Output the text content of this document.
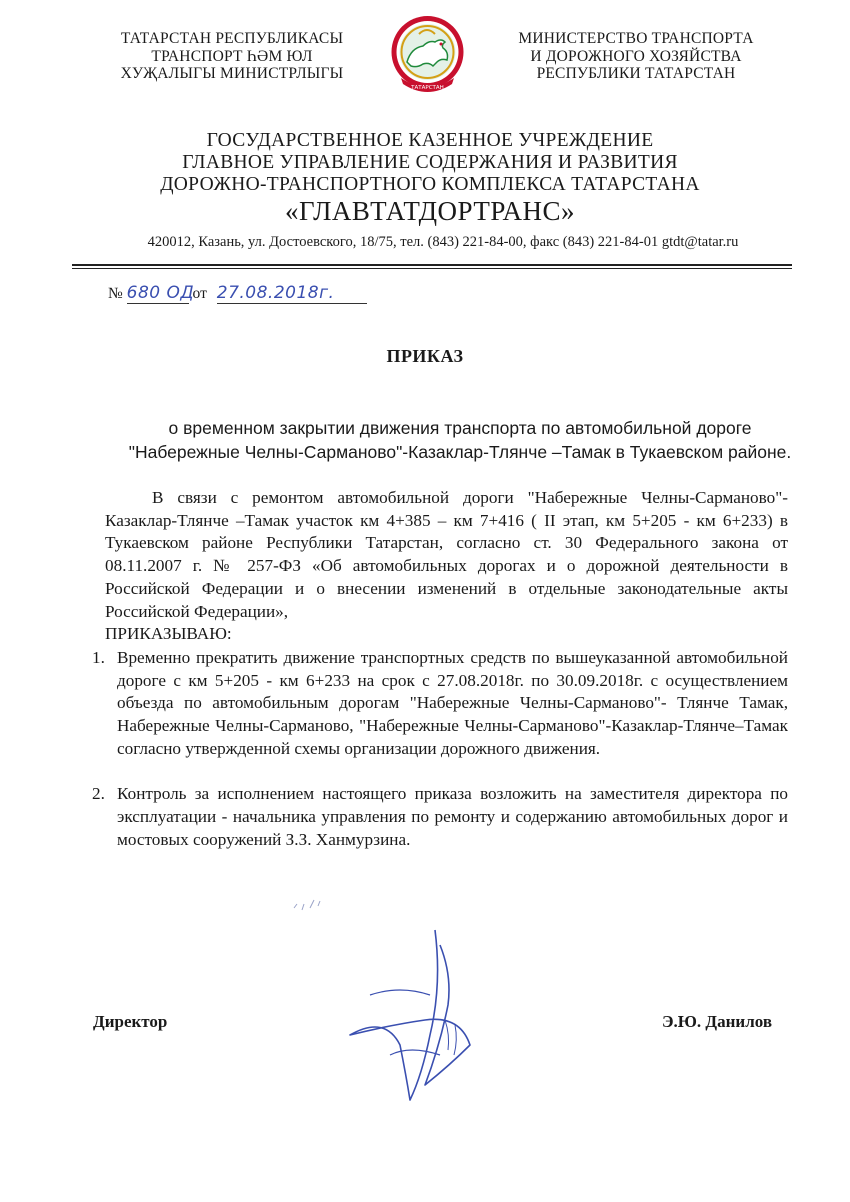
ТАТАРСТАН РЕСПУБЛИКАСЫ
ТРАНСПОРТ ҺӘМ ЮЛ
ХУҖАЛЫГЫ МИНИСТРЛЫГЫ
ТАТАРСТАН
МИНИСТЕРСТВО ТРАНСПОРТА
И ДОРОЖНОГО ХОЗЯЙСТВА
РЕСПУБЛИКИ ТАТАРСТАН
ГОСУДАРСТВЕННОЕ КАЗЕННОЕ УЧРЕЖДЕНИЕ
ГЛАВНОЕ УПРАВЛЕНИЕ СОДЕРЖАНИЯ И РАЗВИТИЯ
ДОРОЖНО-ТРАНСПОРТНОГО КОМПЛЕКСА ТАТАРСТАНА
«ГЛАВТАТДОРТРАНС»
420012, Казань, ул. Достоевского, 18/75, тел. (843) 221-84-00, факс (843) 221-84-01 gtdt@tatar.ru
№ 680 ОД от 27.08.2018г.
ПРИКАЗ
о временном закрытии движения транспорта по автомобильной дороге
"Набережные Челны-Сарманово"-Казаклар-Тлянче –Тамак в Тукаевском районе.
В связи с ремонтом автомобильной дороги "Набережные Челны-Сарманово"-Казаклар-Тлянче –Тамак участок км 4+385 – км 7+416 ( II этап, км 5+205 - км 6+233) в Тукаевском районе Республики Татарстан, согласно ст. 30 Федерального закона от 08.11.2007 г. № 257-ФЗ «Об автомобильных дорогах и о дорожной деятельности в Российской Федерации и о внесении изменений в отдельные законодательные акты Российской Федерации»,
ПРИКАЗЫВАЮ:
1. Временно прекратить движение транспортных средств по вышеуказанной автомобильной дороге с км 5+205 - км 6+233 на срок с 27.08.2018г. по 30.09.2018г. с осуществлением объезда по автомобильным дорогам "Набережные Челны-Сарманово"- Тлянче Тамак, Набережные Челны-Сарманово, "Набережные Челны-Сарманово"-Казаклар-Тлянче–Тамак согласно утвержденной схемы организации дорожного движения.
2. Контроль за исполнением настоящего приказа возложить на заместителя директора по эксплуатации - начальника управления по ремонту и содержанию автомобильных дорог и мостовых сооружений З.З. Ханмурзина.
Директор	Э.Ю. Данилов
